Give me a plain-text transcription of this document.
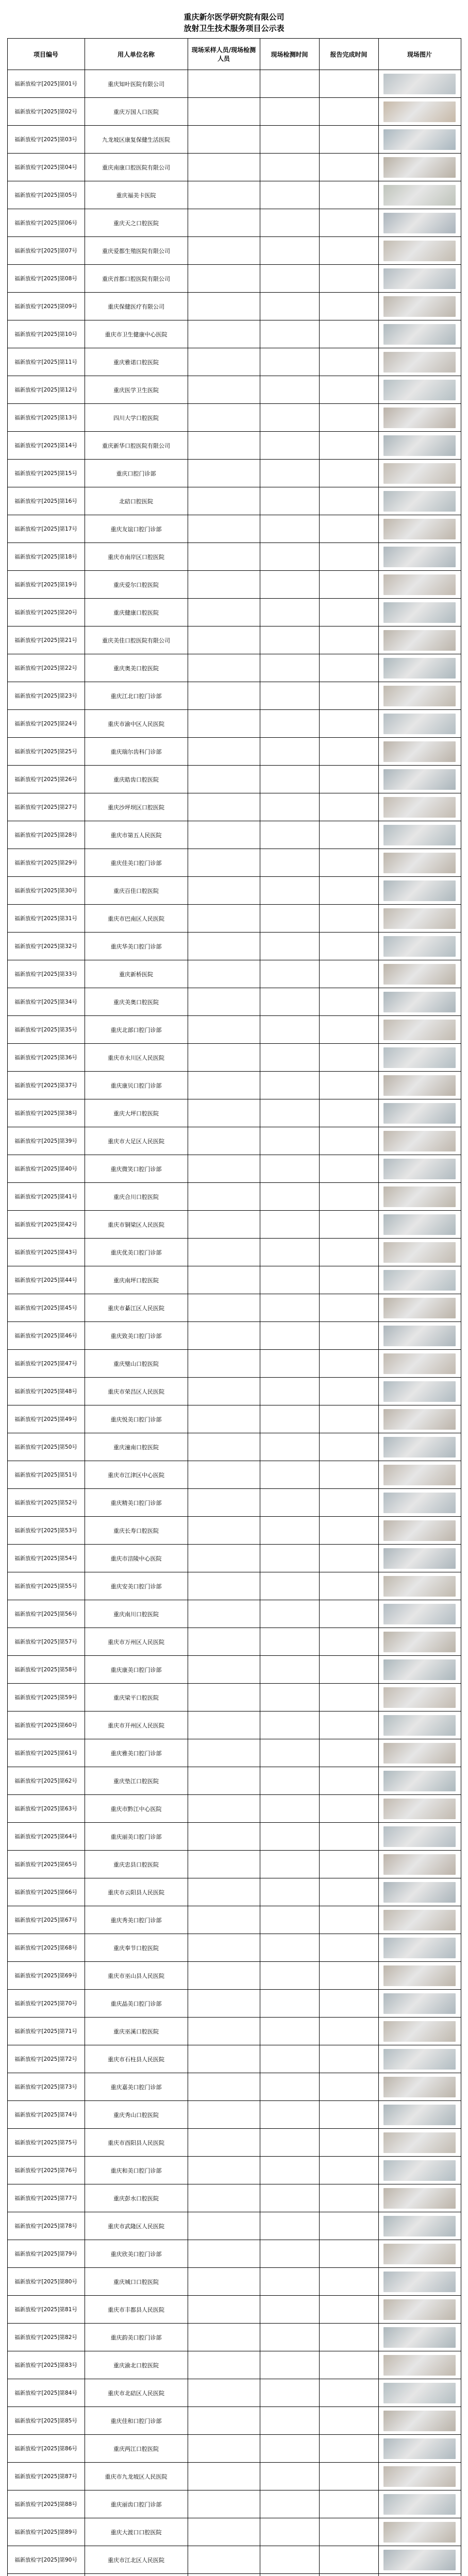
重庆新尔医学研究院有限公司
放射卫生技术服务项目公示表
项目编号	用人单位名称	现场采样人员/现场检测人员	现场检测时间	报告完成时间	现场图片
福新放检字[2025]第01号	重庆知叶医院有限公司				

福新放检字[2025]第02号	重庆万国人口医院				

福新放检字[2025]第03号	九龙坡区康复保健生活医院				

福新放检字[2025]第04号	重庆南康口腔医院有限公司				

福新放检字[2025]第05号	重庆福美卡医院				

福新放检字[2025]第06号	重庆天之口腔医院				

福新放检字[2025]第07号	重庆爱都生殖医院有限公司				

福新放检字[2025]第08号	重庆首都口腔医院有限公司				

福新放检字[2025]第09号	重庆保健医疗有限公司				

福新放检字[2025]第10号	重庆市卫生健康中心医院				

福新放检字[2025]第11号	重庆雅诺口腔医院				

福新放检字[2025]第12号	重庆医学卫生医院				

福新放检字[2025]第13号	四川大学口腔医院				

福新放检字[2025]第14号	重庆新华口腔医院有限公司				

福新放检字[2025]第15号	重庆口腔门诊部				

福新放检字[2025]第16号	北碚口腔医院				

福新放检字[2025]第17号	重庆友谊口腔门诊部				

福新放检字[2025]第18号	重庆市南岸区口腔医院				

福新放检字[2025]第19号	重庆爱尔口腔医院				

福新放检字[2025]第20号	重庆健康口腔医院				

福新放检字[2025]第21号	重庆美佳口腔医院有限公司				

福新放检字[2025]第22号	重庆奥美口腔医院				

福新放检字[2025]第23号	重庆江北口腔门诊部				

福新放检字[2025]第24号	重庆市渝中区人民医院				

福新放检字[2025]第25号	重庆瑞尔齿科门诊部				

福新放检字[2025]第26号	重庆皓齿口腔医院				

福新放检字[2025]第27号	重庆沙坪坝区口腔医院				

福新放检字[2025]第28号	重庆市第五人民医院				

福新放检字[2025]第29号	重庆佳美口腔门诊部				

福新放检字[2025]第30号	重庆百佳口腔医院				

福新放检字[2025]第31号	重庆市巴南区人民医院				

福新放检字[2025]第32号	重庆华美口腔门诊部				

福新放检字[2025]第33号	重庆新桥医院				

福新放检字[2025]第34号	重庆美奥口腔医院				

福新放检字[2025]第35号	重庆北部口腔门诊部				

福新放检字[2025]第36号	重庆市永川区人民医院				

福新放检字[2025]第37号	重庆康贝口腔门诊部				

福新放检字[2025]第38号	重庆大坪口腔医院				

福新放检字[2025]第39号	重庆市大足区人民医院				

福新放检字[2025]第40号	重庆微笑口腔门诊部				

福新放检字[2025]第41号	重庆合川口腔医院				

福新放检字[2025]第42号	重庆市铜梁区人民医院				

福新放检字[2025]第43号	重庆优美口腔门诊部				

福新放检字[2025]第44号	重庆南坪口腔医院				

福新放检字[2025]第45号	重庆市綦江区人民医院				

福新放检字[2025]第46号	重庆致美口腔门诊部				

福新放检字[2025]第47号	重庆璧山口腔医院				

福新放检字[2025]第48号	重庆市荣昌区人民医院				

福新放检字[2025]第49号	重庆悦美口腔门诊部				

福新放检字[2025]第50号	重庆潼南口腔医院				

福新放检字[2025]第51号	重庆市江津区中心医院				

福新放检字[2025]第52号	重庆精美口腔门诊部				

福新放检字[2025]第53号	重庆长寿口腔医院				

福新放检字[2025]第54号	重庆市涪陵中心医院				

福新放检字[2025]第55号	重庆安美口腔门诊部				

福新放检字[2025]第56号	重庆南川口腔医院				

福新放检字[2025]第57号	重庆市万州区人民医院				

福新放检字[2025]第58号	重庆康美口腔门诊部				

福新放检字[2025]第59号	重庆梁平口腔医院				

福新放检字[2025]第60号	重庆市开州区人民医院				

福新放检字[2025]第61号	重庆雅美口腔门诊部				

福新放检字[2025]第62号	重庆垫江口腔医院				

福新放检字[2025]第63号	重庆市黔江中心医院				

福新放检字[2025]第64号	重庆丽美口腔门诊部				

福新放检字[2025]第65号	重庆忠县口腔医院				

福新放检字[2025]第66号	重庆市云阳县人民医院				

福新放检字[2025]第67号	重庆秀美口腔门诊部				

福新放检字[2025]第68号	重庆奉节口腔医院				

福新放检字[2025]第69号	重庆市巫山县人民医院				

福新放检字[2025]第70号	重庆晶美口腔门诊部				

福新放检字[2025]第71号	重庆巫溪口腔医院				

福新放检字[2025]第72号	重庆市石柱县人民医院				

福新放检字[2025]第73号	重庆嘉美口腔门诊部				

福新放检字[2025]第74号	重庆秀山口腔医院				

福新放检字[2025]第75号	重庆市酉阳县人民医院				

福新放检字[2025]第76号	重庆和美口腔门诊部				

福新放检字[2025]第77号	重庆彭水口腔医院				

福新放检字[2025]第78号	重庆市武隆区人民医院				

福新放检字[2025]第79号	重庆欣美口腔门诊部				

福新放检字[2025]第80号	重庆城口口腔医院				

福新放检字[2025]第81号	重庆市丰都县人民医院				

福新放检字[2025]第82号	重庆韵美口腔门诊部				

福新放检字[2025]第83号	重庆渝北口腔医院				

福新放检字[2025]第84号	重庆市北碚区人民医院				

福新放检字[2025]第85号	重庆佳和口腔门诊部				

福新放检字[2025]第86号	重庆两江口腔医院				

福新放检字[2025]第87号	重庆市九龙坡区人民医院				

福新放检字[2025]第88号	重庆丽齿口腔门诊部				

福新放检字[2025]第89号	重庆大渡口口腔医院				

福新放检字[2025]第90号	重庆市江北区人民医院				
